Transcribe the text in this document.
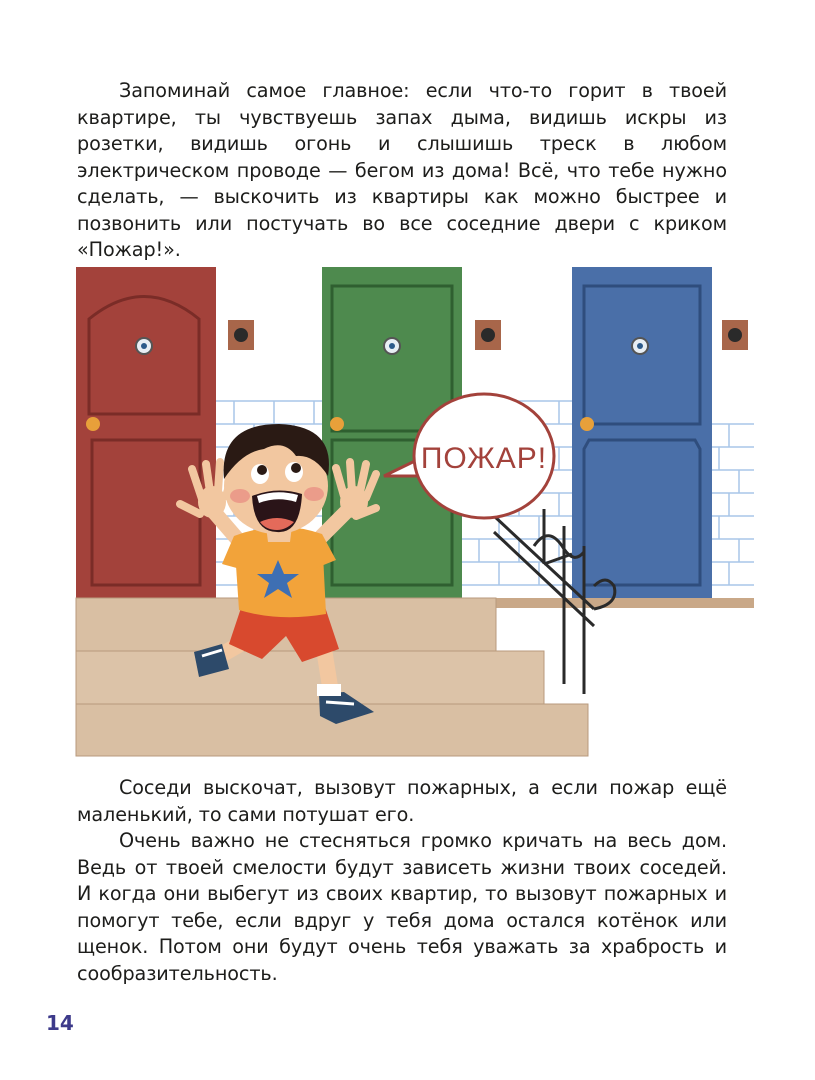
Запоминай самое главное: если что-то горит в твоей квартире, ты чувствуешь запах дыма, видишь искры из розетки, видишь огонь и слышишь треск в любом электрическом проводе — бегом из дома! Всё, что тебе нужно сделать, — выскочить из квартиры как можно быстрее и позвонить или постучать во все соседние двери с криком «Пожар!».

ПОЖАР!

Соседи выскочат, вызовут пожарных, а если пожар ещё маленький, то сами потушат его.

Очень важно не стесняться громко кричать на весь дом. Ведь от твоей смелости будут зависеть жизни твоих соседей. И когда они выбегут из своих квартир, то вызовут пожарных и помогут тебе, если вдруг у тебя дома остался котёнок или щенок. Потом они будут очень тебя уважать за храбрость и сообразительность.

14
